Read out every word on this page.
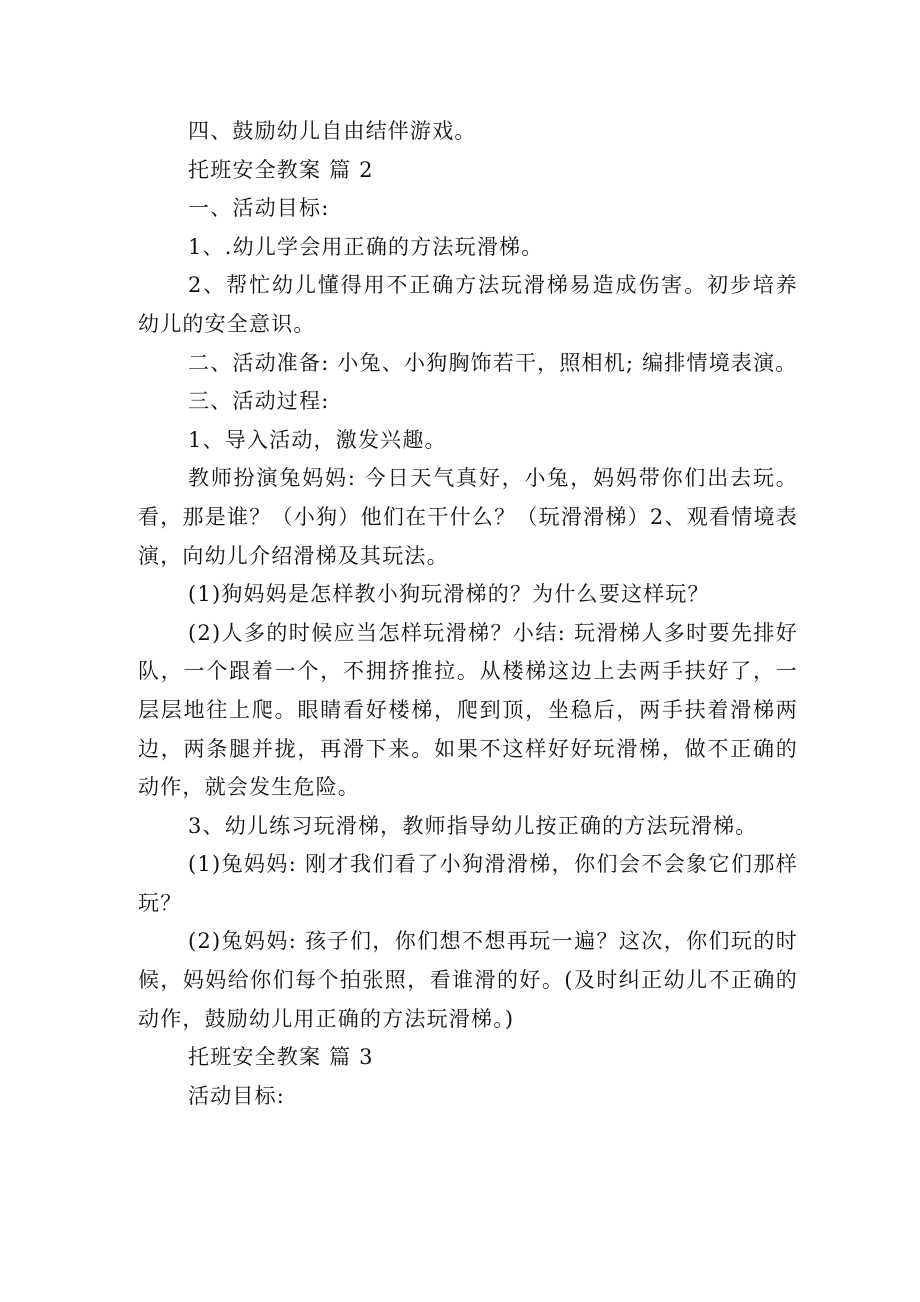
四、鼓励幼儿自由结伴游戏。

托班安全教案 篇 2

一、活动目标:

1、.幼儿学会用正确的方法玩滑梯。

2、帮忙幼儿懂得用不正确方法玩滑梯易造成伤害。初步培养幼儿的安全意识。

二、活动准备: 小兔、小狗胸饰若干，照相机; 编排情境表演。

三、活动过程:

1、导入活动，激发兴趣。

教师扮演兔妈妈: 今日天气真好，小兔，妈妈带你们出去玩。看，那是谁？（小狗）他们在干什么？（玩滑滑梯）2、观看情境表演，向幼儿介绍滑梯及其玩法。

(1)狗妈妈是怎样教小狗玩滑梯的？为什么要这样玩？

(2)人多的时候应当怎样玩滑梯？小结: 玩滑梯人多时要先排好队，一个跟着一个，不拥挤推拉。从楼梯这边上去两手扶好了，一层层地往上爬。眼睛看好楼梯，爬到顶，坐稳后，两手扶着滑梯两边，两条腿并拢，再滑下来。如果不这样好好玩滑梯，做不正确的动作，就会发生危险。

3、幼儿练习玩滑梯，教师指导幼儿按正确的方法玩滑梯。

(1)兔妈妈: 刚才我们看了小狗滑滑梯，你们会不会象它们那样玩？

(2)兔妈妈: 孩子们，你们想不想再玩一遍？这次，你们玩的时候，妈妈给你们每个拍张照，看谁滑的好。(及时纠正幼儿不正确的动作，鼓励幼儿用正确的方法玩滑梯。)

托班安全教案 篇 3

活动目标:
